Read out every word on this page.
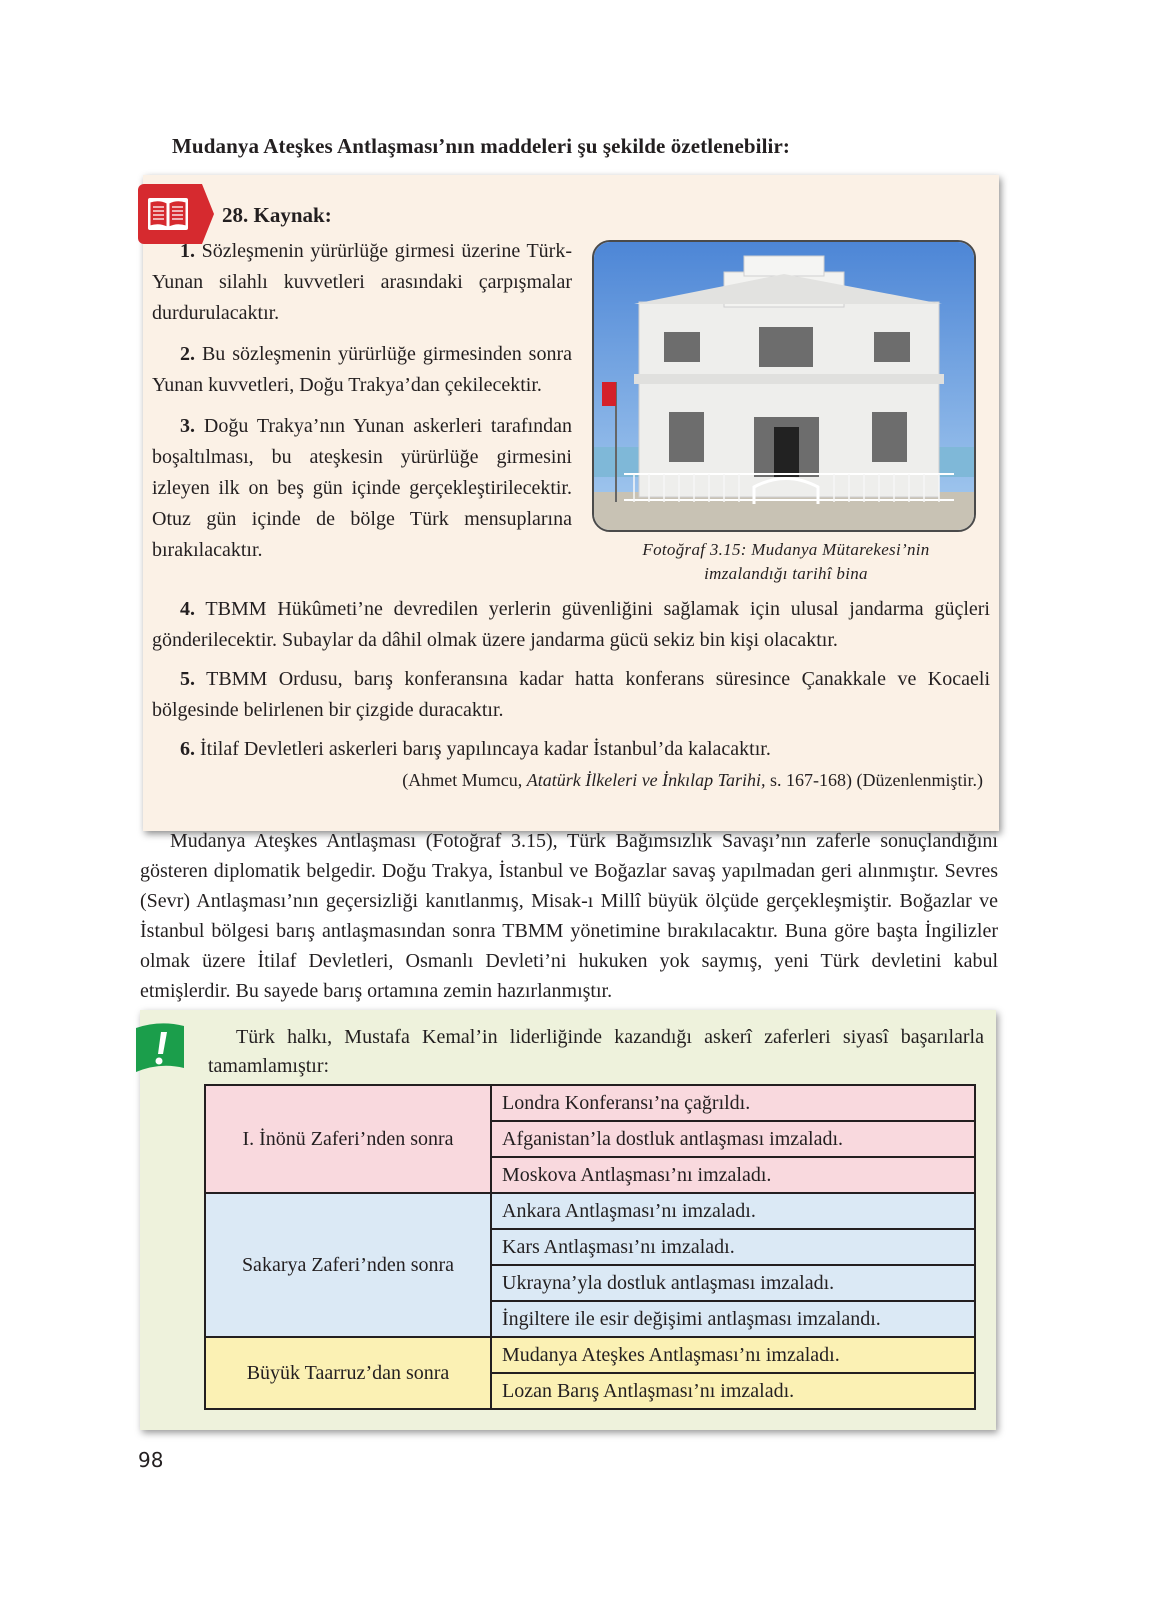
Mudanya Ateşkes Antlaşması’nın maddeleri şu şekilde özetlenebilir:
28. Kaynak:

1. Sözleşmenin yürürlüğe girmesi üzerine Türk-Yunan silahlı kuvvetleri arasındaki çarpışmalar durdurulacaktır.

2. Bu sözleşmenin yürürlüğe girmesinden sonra Yunan kuvvetleri, Doğu Trakya’dan çekilecektir.

3. Doğu Trakya’nın Yunan askerleri tarafından boşaltılması, bu ateşkesin yürürlüğe girmesini izleyen ilk on beş gün içinde gerçekleştirilecektir. Otuz gün içinde de bölge Türk mensuplarına bırakılacaktır.	Fotoğraf 3.15: Mudanya Mütarekesi’nin
imzalandığı tarihî bina

4. TBMM Hükûmeti’ne devredilen yerlerin güvenliğini sağlamak için ulusal jandarma güçleri gönderilecektir. Subaylar da dâhil olmak üzere jandarma gücü sekiz bin kişi olacaktır.

5. TBMM Ordusu, barış konferansına kadar hatta konferans süresince Çanakkale ve Kocaeli bölgesinde belirlenen bir çizgide duracaktır.

6. İtilaf Devletleri askerleri barış yapılıncaya kadar İstanbul’da kalacaktır.

(Ahmet Mumcu, Atatürk İlkeleri ve İnkılap Tarihi, s. 167-168) (Düzenlenmiştir.)

Mudanya Ateşkes Antlaşması (Fotoğraf 3.15), Türk Bağımsızlık Savaşı’nın zaferle sonuçlandığını gösteren diplomatik belgedir. Doğu Trakya, İstanbul ve Boğazlar savaş yapılmadan geri alınmıştır. Sevres (Sevr) Antlaşması’nın geçersizliği kanıtlanmış, Misak-ı Millî büyük ölçüde gerçekleşmiştir. Boğazlar ve İstanbul bölgesi barış antlaşmasından sonra TBMM yönetimine bırakılacaktır. Buna göre başta İngilizler olmak üzere İtilaf Devletleri, Osmanlı Devleti’ni hukuken yok saymış, yeni Türk devletini kabul etmişlerdir. Bu sayede barış ortamına zemin hazırlanmıştır.

Türk halkı, Mustafa Kemal’in liderliğinde kazandığı askerî zaferleri siyasî başarılarla tamamlamıştır:

I. İnönü Zaferi’nden sonra	Londra Konferansı’na çağrıldı.
	Afganistan’la dostluk antlaşması imzaladı.
	Moskova Antlaşması’nı imzaladı.
Sakarya Zaferi’nden sonra	Ankara Antlaşması’nı imzaladı.
	Kars Antlaşması’nı imzaladı.
	Ukrayna’yla dostluk antlaşması imzaladı.
	İngiltere ile esir değişimi antlaşması imzalandı.
Büyük Taarruz’dan sonra	Mudanya Ateşkes Antlaşması’nı imzaladı.
	Lozan Barış Antlaşması’nı imzaladı.
98
